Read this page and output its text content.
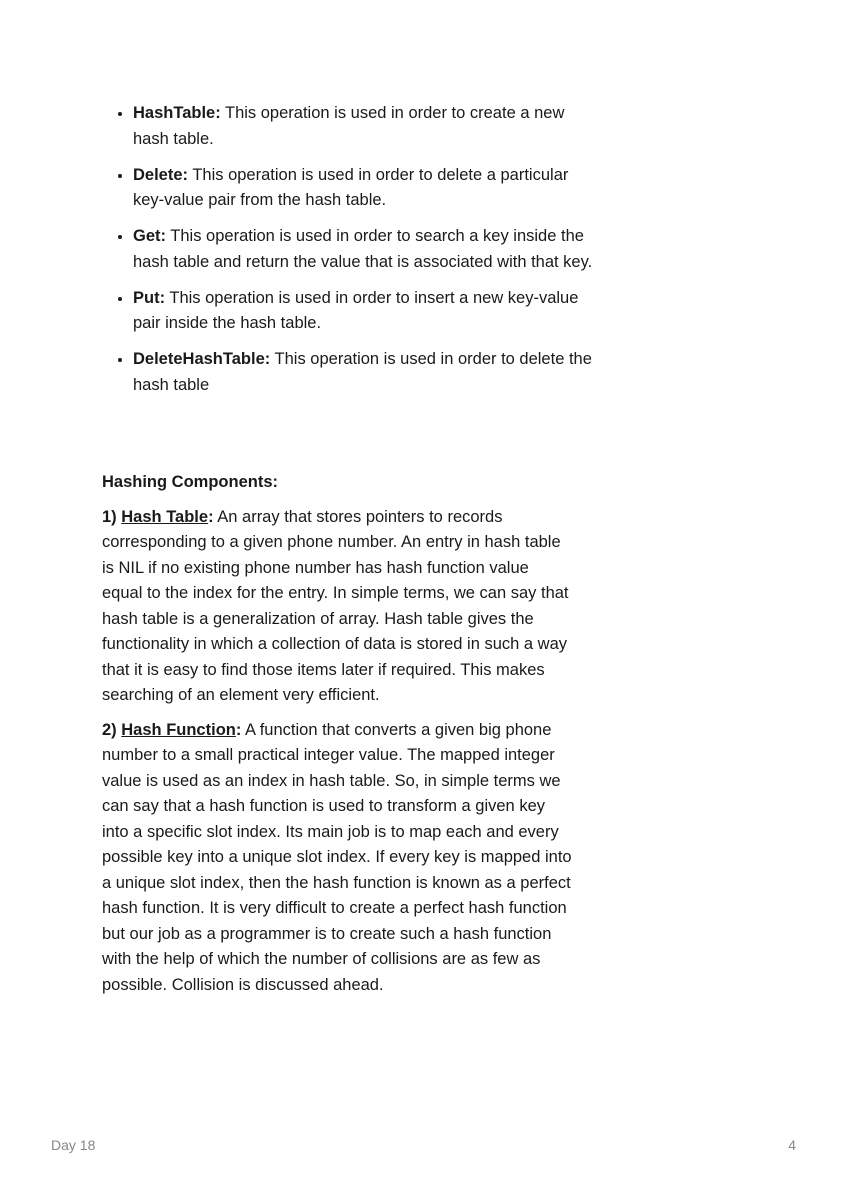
• HashTable: This operation is used in order to create a new hash table.
• Delete: This operation is used in order to delete a particular key-value pair from the hash table.
• Get: This operation is used in order to search a key inside the hash table and return the value that is associated with that key.
• Put: This operation is used in order to insert a new key-value pair inside the hash table.
• DeleteHashTable: This operation is used in order to delete the hash table
Hashing Components:

1) Hash Table: An array that stores pointers to records corresponding to a given phone number. An entry in hash table is NIL if no existing phone number has hash function value equal to the index for the entry. In simple terms, we can say that hash table is a generalization of array. Hash table gives the functionality in which a collection of data is stored in such a way that it is easy to find those items later if required. This makes searching of an element very efficient.

2) Hash Function: A function that converts a given big phone number to a small practical integer value. The mapped integer value is used as an index in hash table. So, in simple terms we can say that a hash function is used to transform a given key into a specific slot index. Its main job is to map each and every possible key into a unique slot index. If every key is mapped into a unique slot index, then the hash function is known as a perfect hash function. It is very difficult to create a perfect hash function but our job as a programmer is to create such a hash function with the help of which the number of collisions are as few as possible. Collision is discussed ahead.

Day 18	4
